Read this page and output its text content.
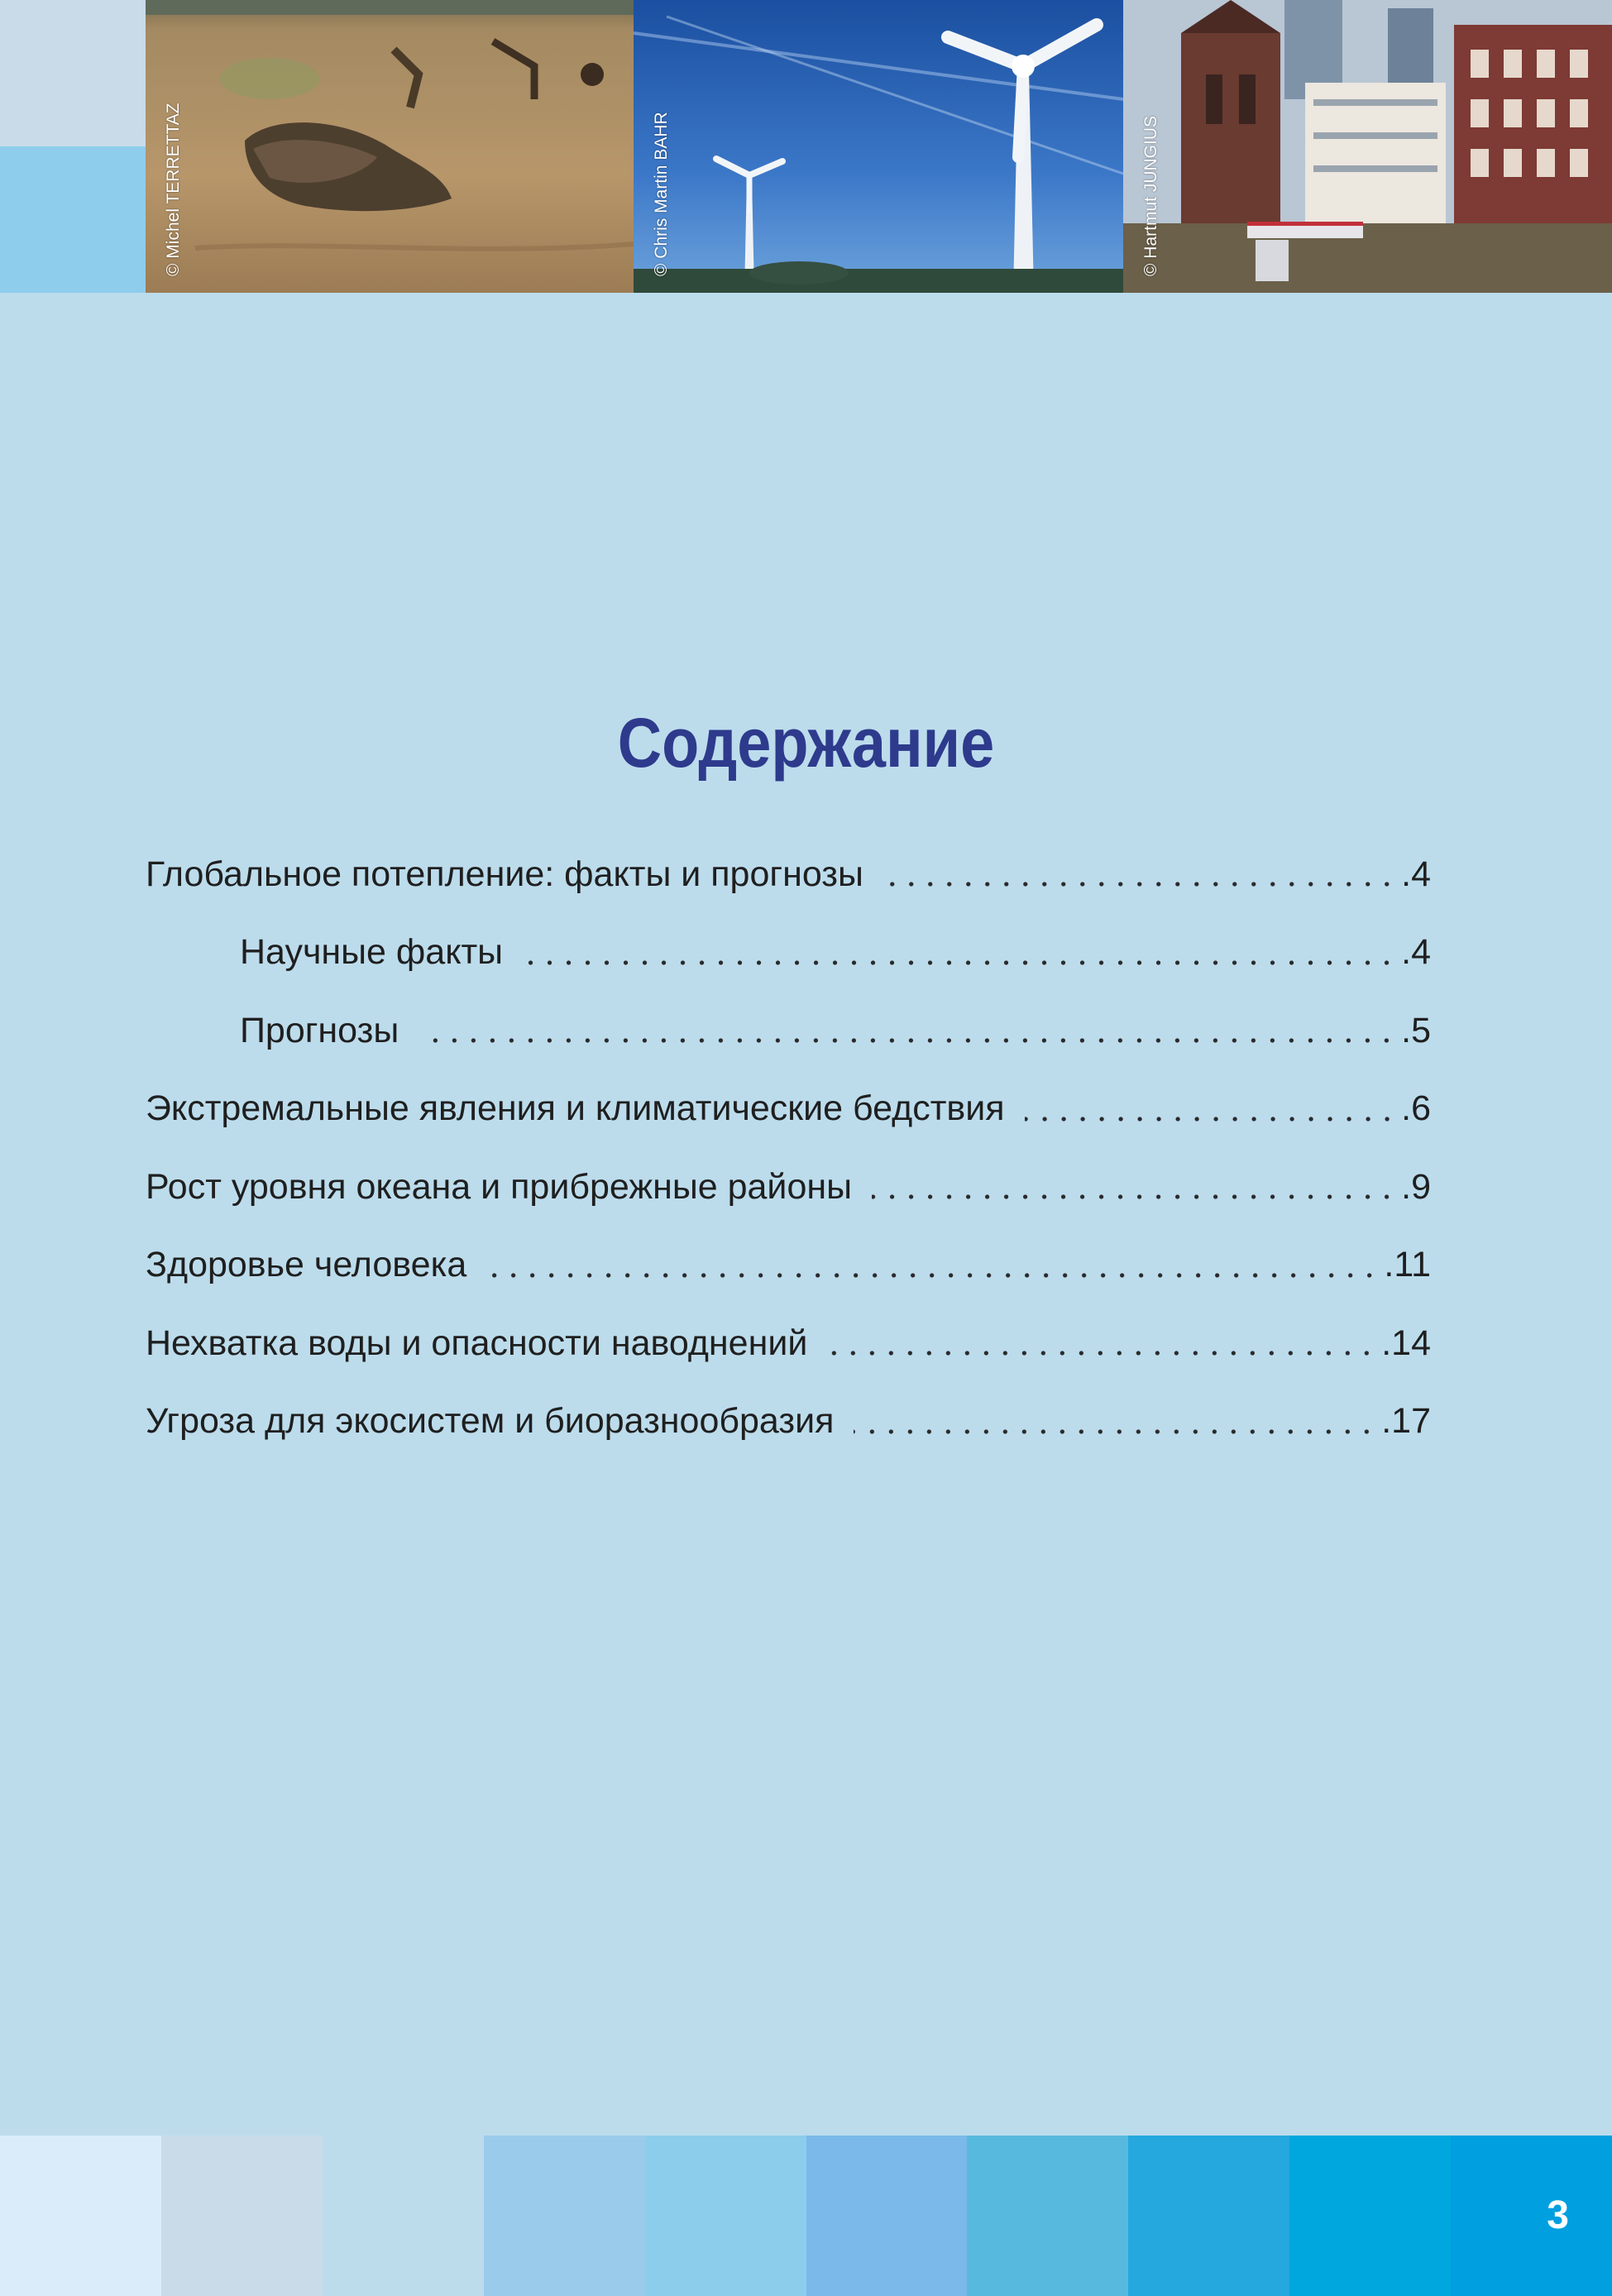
© Michel TERRETTAZ	© Chris Martin BAHR	© Hartmut JUNGIUS
Содержание
Глобальное потепление: факты и прогнозы	.4
Научные факты	.4
Прогнозы	.5
Экстремальные явления и климатические бедствия	.6
Рост уровня океана и прибрежные районы	.9
Здоровье человека	.11
Нехватка воды и опасности наводнений	.14
Угроза для экосистем и биоразнообразия	.17
3
